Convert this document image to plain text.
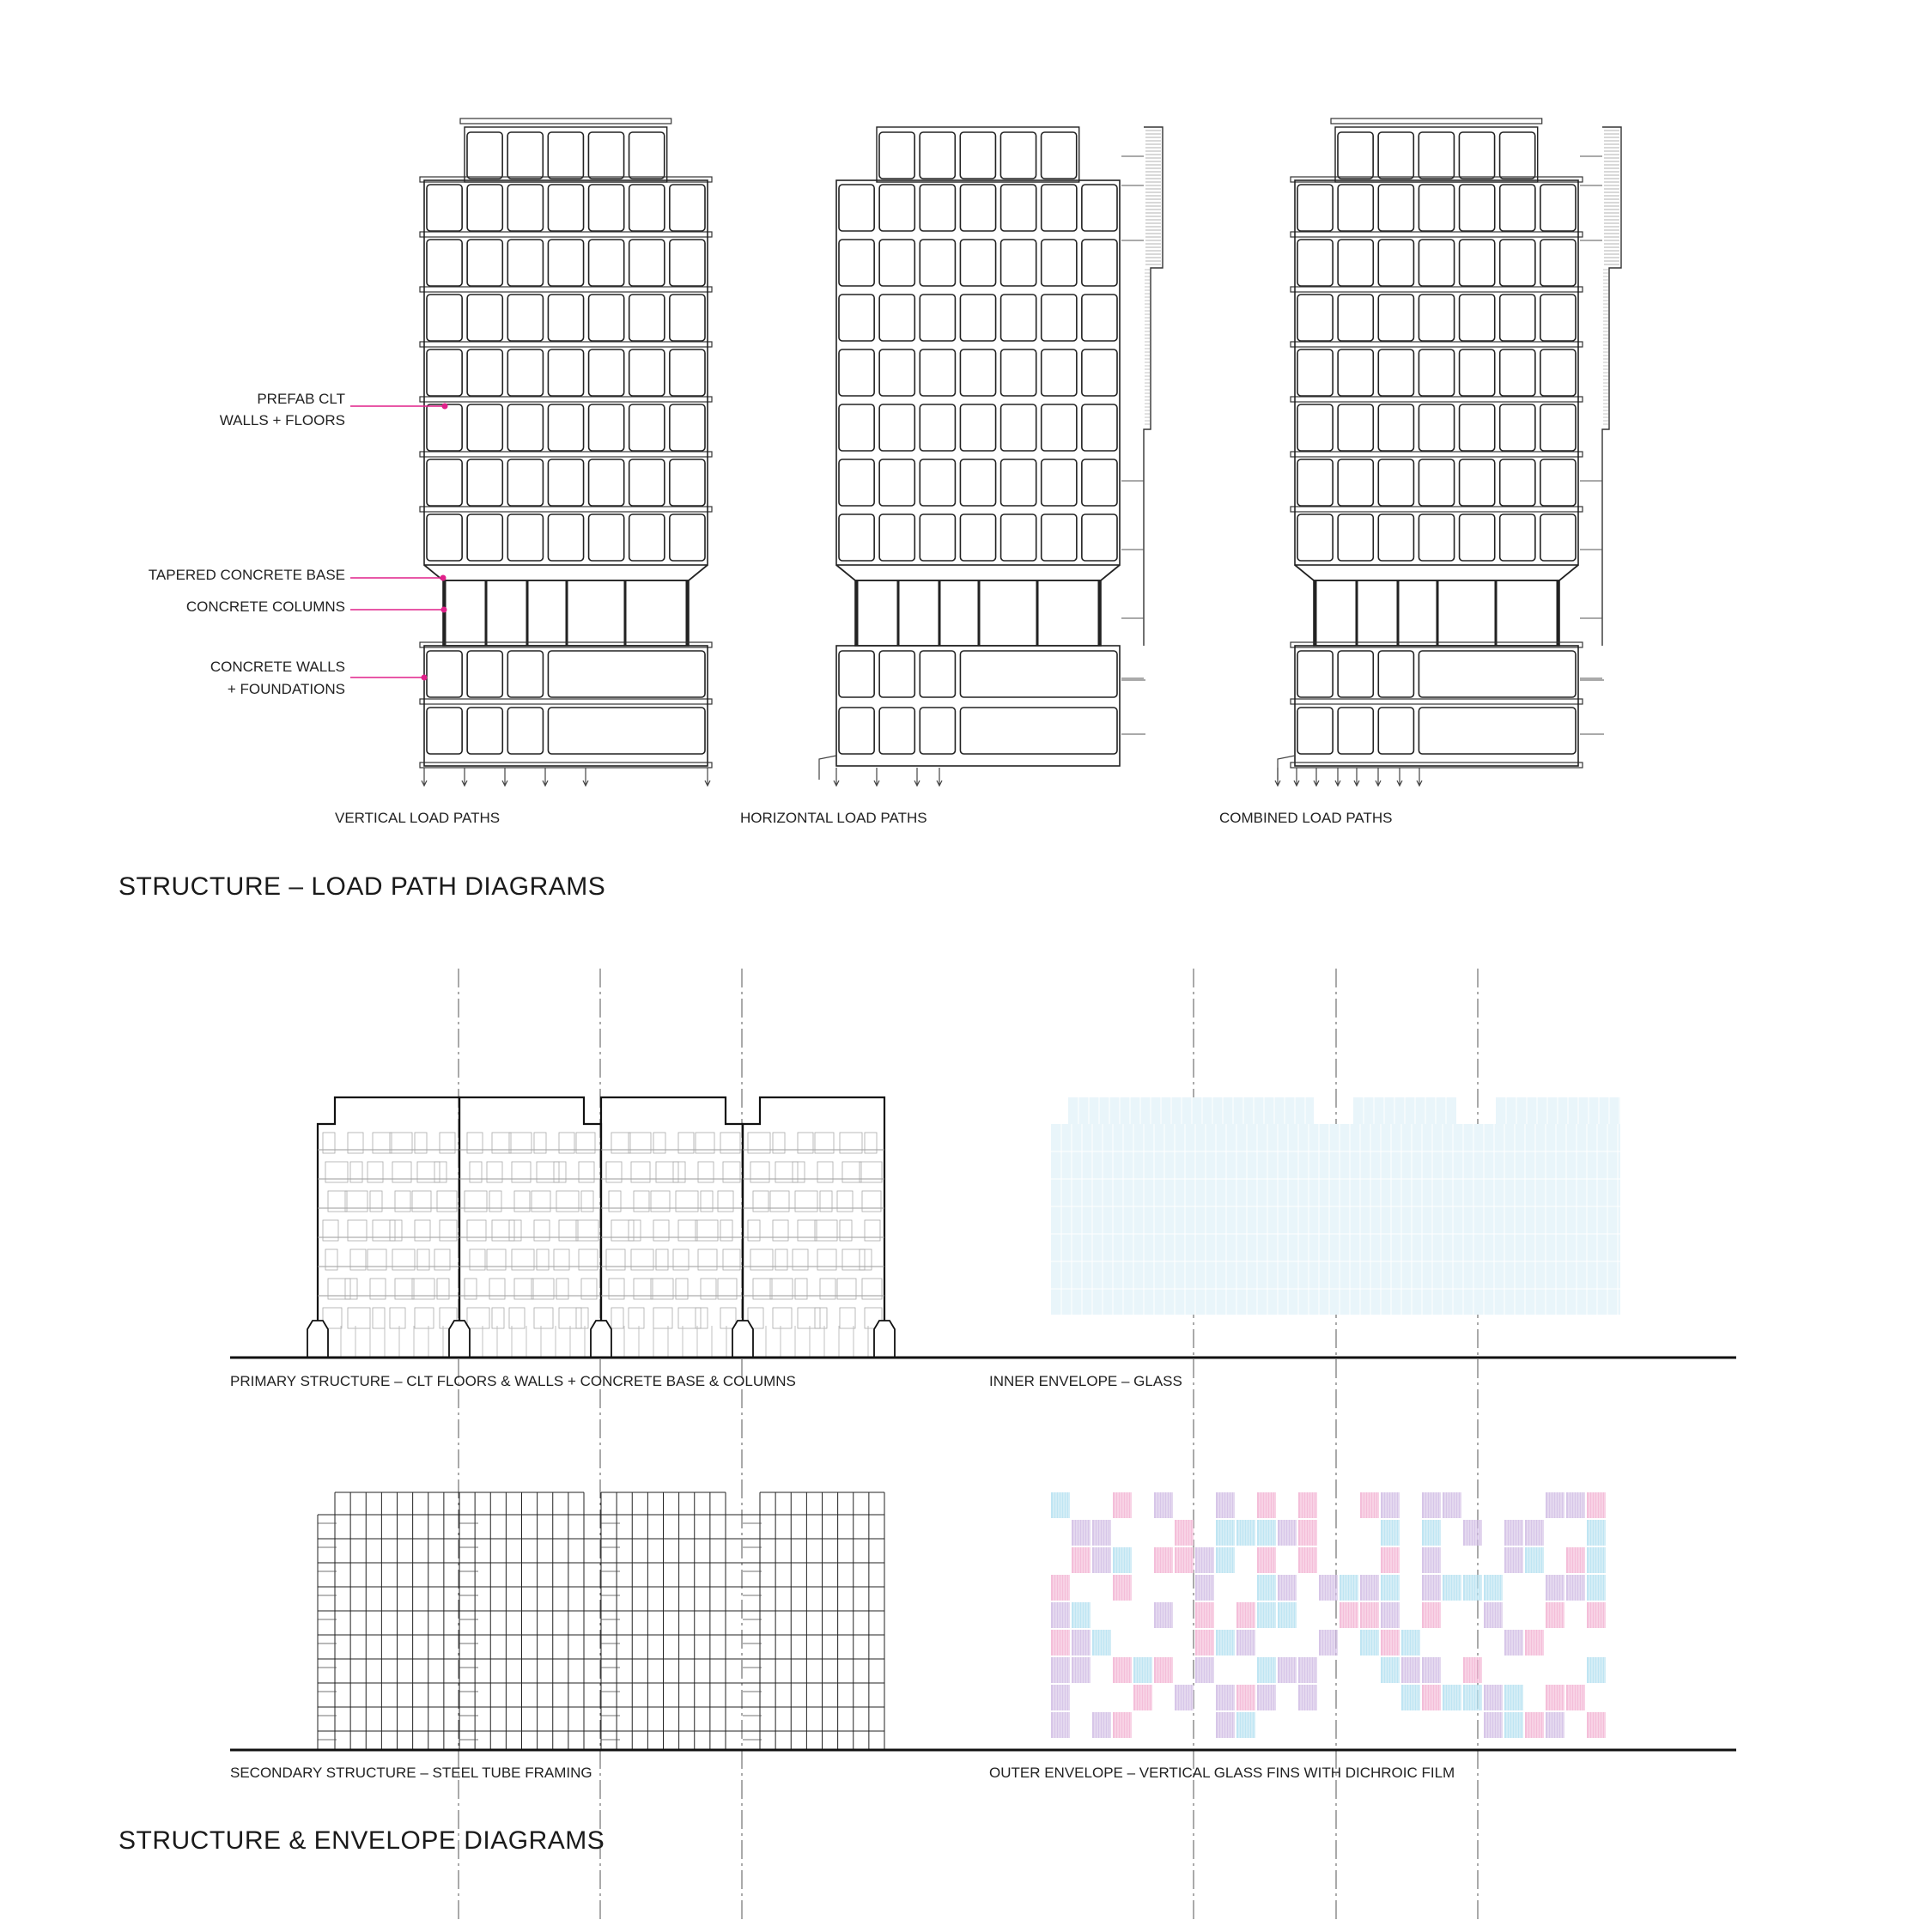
PREFAB CLT
WALLS + FLOORS
TAPERED CONCRETE BASE
CONCRETE COLUMNS
CONCRETE WALLS
+ FOUNDATIONS
VERTICAL LOAD PATHS	HORIZONTAL LOAD PATHS	COMBINED LOAD PATHS
STRUCTURE – LOAD PATH DIAGRAMS
PRIMARY STRUCTURE – CLT FLOORS & WALLS + CONCRETE BASE & COLUMNS	INNER ENVELOPE – GLASS
SECONDARY STRUCTURE – STEEL TUBE FRAMING	OUTER ENVELOPE – VERTICAL GLASS FINS WITH DICHROIC FILM
STRUCTURE & ENVELOPE DIAGRAMS
